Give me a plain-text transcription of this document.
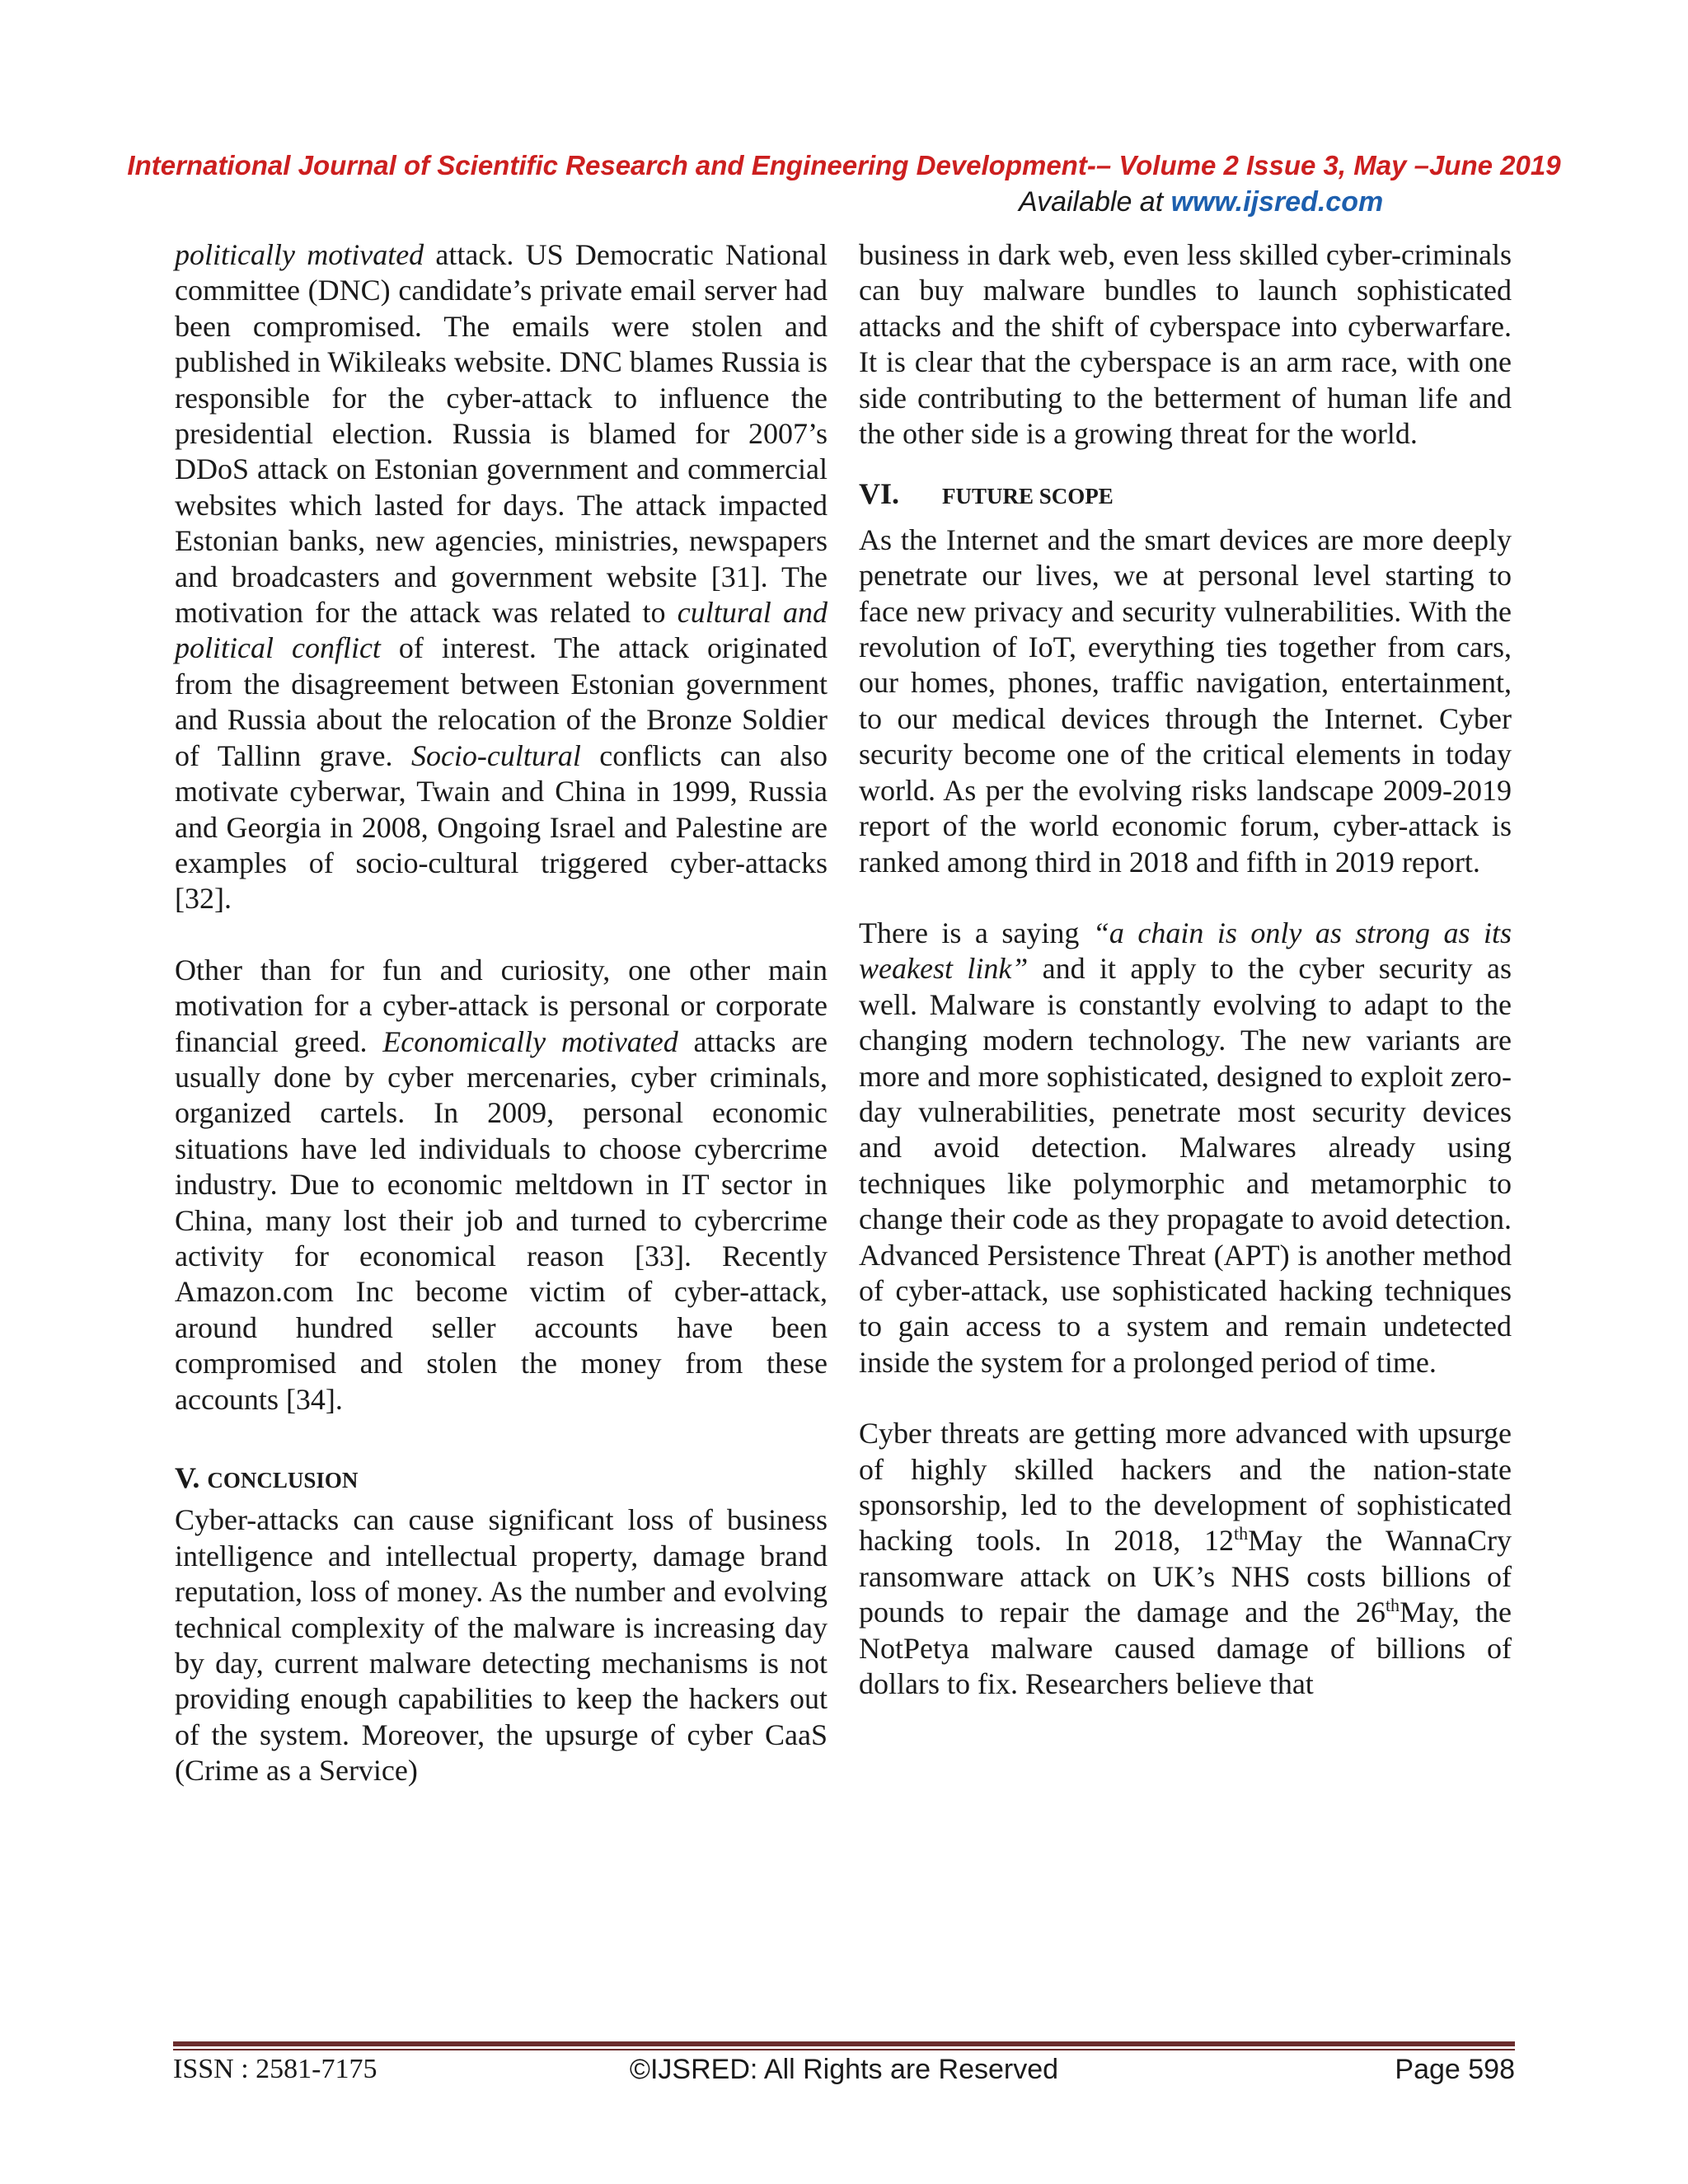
International Journal of Scientific Research and Engineering Development-– Volume 2 Issue 3, May –June 2019
Available at www.ijsred.com

politically motivated attack. US Democratic National committee (DNC) candidate’s private email server had been compromised. The emails were stolen and published in Wikileaks website. DNC blames Russia is responsible for the cyber-attack to influence the presidential election. Russia is blamed for 2007’s DDoS attack on Estonian government and commercial websites which lasted for days. The attack impacted Estonian banks, new agencies, ministries, newspapers and broadcasters and government website [31]. The motivation for the attack was related to cultural and political conflict of interest. The attack originated from the disagreement between Estonian government and Russia about the relocation of the Bronze Soldier of Tallinn grave. Socio-cultural conflicts can also motivate cyberwar, Twain and China in 1999, Russia and Georgia in 2008, Ongoing Israel and Palestine are examples of socio-cultural triggered cyber-attacks [32].

Other than for fun and curiosity, one other main motivation for a cyber-attack is personal or corporate financial greed. Economically motivated attacks are usually done by cyber mercenaries, cyber criminals, organized cartels. In 2009, personal economic situations have led individuals to choose cybercrime industry. Due to economic meltdown in IT sector in China, many lost their job and turned to cybercrime activity for economical reason [33]. Recently Amazon.com Inc become victim of cyber-attack, around hundred seller accounts have been compromised and stolen the money from these accounts [34].

V. CONCLUSION

Cyber-attacks can cause significant loss of business intelligence and intellectual property, damage brand reputation, loss of money. As the number and evolving technical complexity of the malware is increasing day by day, current malware detecting mechanisms is not providing enough capabilities to keep the hackers out of the system. Moreover, the upsurge of cyber CaaS (Crime as a Service)

business in dark web, even less skilled cyber-criminals can buy malware bundles to launch sophisticated attacks and the shift of cyberspace into cyberwarfare. It is clear that the cyberspace is an arm race, with one side contributing to the betterment of human life and the other side is a growing threat for the world.

VI. FUTURE SCOPE

As the Internet and the smart devices are more deeply penetrate our lives, we at personal level starting to face new privacy and security vulnerabilities. With the revolution of IoT, everything ties together from cars, our homes, phones, traffic navigation, entertainment, to our medical devices through the Internet. Cyber security become one of the critical elements in today world. As per the evolving risks landscape 2009-2019 report of the world economic forum, cyber-attack is ranked among third in 2018 and fifth in 2019 report.

There is a saying “a chain is only as strong as its weakest link” and it apply to the cyber security as well. Malware is constantly evolving to adapt to the changing modern technology. The new variants are more and more sophisticated, designed to exploit zero-day vulnerabilities, penetrate most security devices and avoid detection. Malwares already using techniques like polymorphic and metamorphic to change their code as they propagate to avoid detection. Advanced Persistence Threat (APT) is another method of cyber-attack, use sophisticated hacking techniques to gain access to a system and remain undetected inside the system for a prolonged period of time.

Cyber threats are getting more advanced with upsurge of highly skilled hackers and the nation-state sponsorship, led to the development of sophisticated hacking tools. In 2018, 12thMay the WannaCry ransomware attack on UK’s NHS costs billions of pounds to repair the damage and the 26thMay, the NotPetya malware caused damage of billions of dollars to fix. Researchers believe that

©IJSRED: All Rights are Reserved
ISSN : 2581-7175	Page 598
